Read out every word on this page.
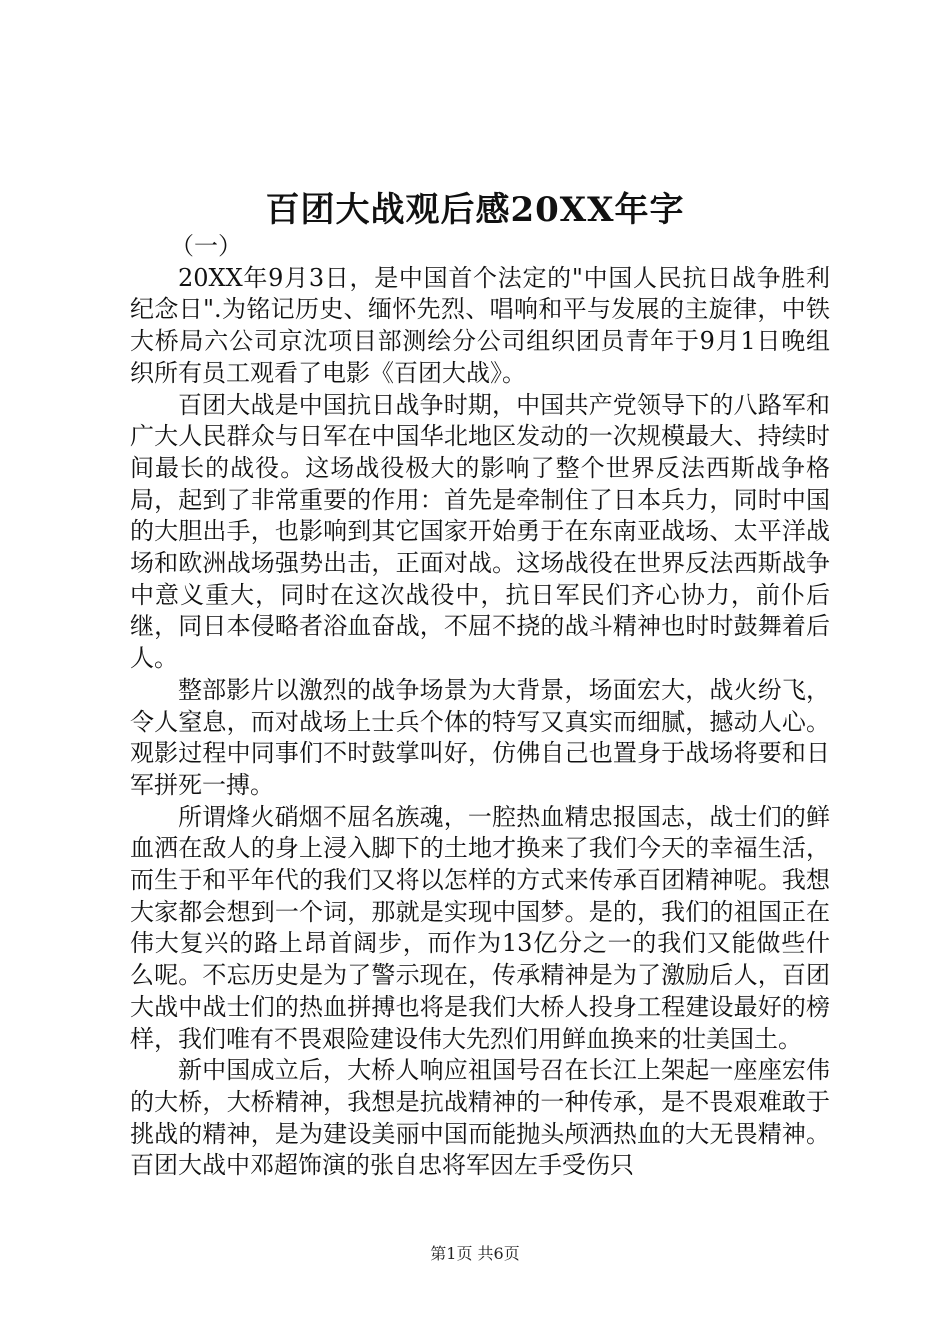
百团大战观后感20XX年字

（一）

20XX年9月3日，是中国首个法定的"中国人民抗日战争胜利纪念日".为铭记历史、缅怀先烈、唱响和平与发展的主旋律，中铁大桥局六公司京沈项目部测绘分公司组织团员青年于9月1日晚组织所有员工观看了电影《百团大战》。

百团大战是中国抗日战争时期，中国共产党领导下的八路军和广大人民群众与日军在中国华北地区发动的一次规模最大、持续时间最长的战役。这场战役极大的影响了整个世界反法西斯战争格局，起到了非常重要的作用：首先是牵制住了日本兵力，同时中国的大胆出手，也影响到其它国家开始勇于在东南亚战场、太平洋战场和欧洲战场强势出击，正面对战。这场战役在世界反法西斯战争中意义重大，同时在这次战役中，抗日军民们齐心协力，前仆后继，同日本侵略者浴血奋战，不屈不挠的战斗精神也时时鼓舞着后人。

整部影片以激烈的战争场景为大背景，场面宏大，战火纷飞，令人窒息，而对战场上士兵个体的特写又真实而细腻，撼动人心。观影过程中同事们不时鼓掌叫好，仿佛自己也置身于战场将要和日军拼死一搏。

所谓烽火硝烟不屈名族魂，一腔热血精忠报国志，战士们的鲜血洒在敌人的身上浸入脚下的土地才换来了我们今天的幸福生活，而生于和平年代的我们又将以怎样的方式来传承百团精神呢。我想大家都会想到一个词，那就是实现中国梦。是的，我们的祖国正在伟大复兴的路上昂首阔步，而作为13亿分之一的我们又能做些什么呢。不忘历史是为了警示现在，传承精神是为了激励后人，百团大战中战士们的热血拼搏也将是我们大桥人投身工程建设最好的榜样，我们唯有不畏艰险建设伟大先烈们用鲜血换来的壮美国土。

新中国成立后，大桥人响应祖国号召在长江上架起一座座宏伟的大桥，大桥精神，我想是抗战精神的一种传承，是不畏艰难敢于挑战的精神，是为建设美丽中国而能抛头颅洒热血的大无畏精神。百团大战中邓超饰演的张自忠将军因左手受伤只

第1页 共6页
